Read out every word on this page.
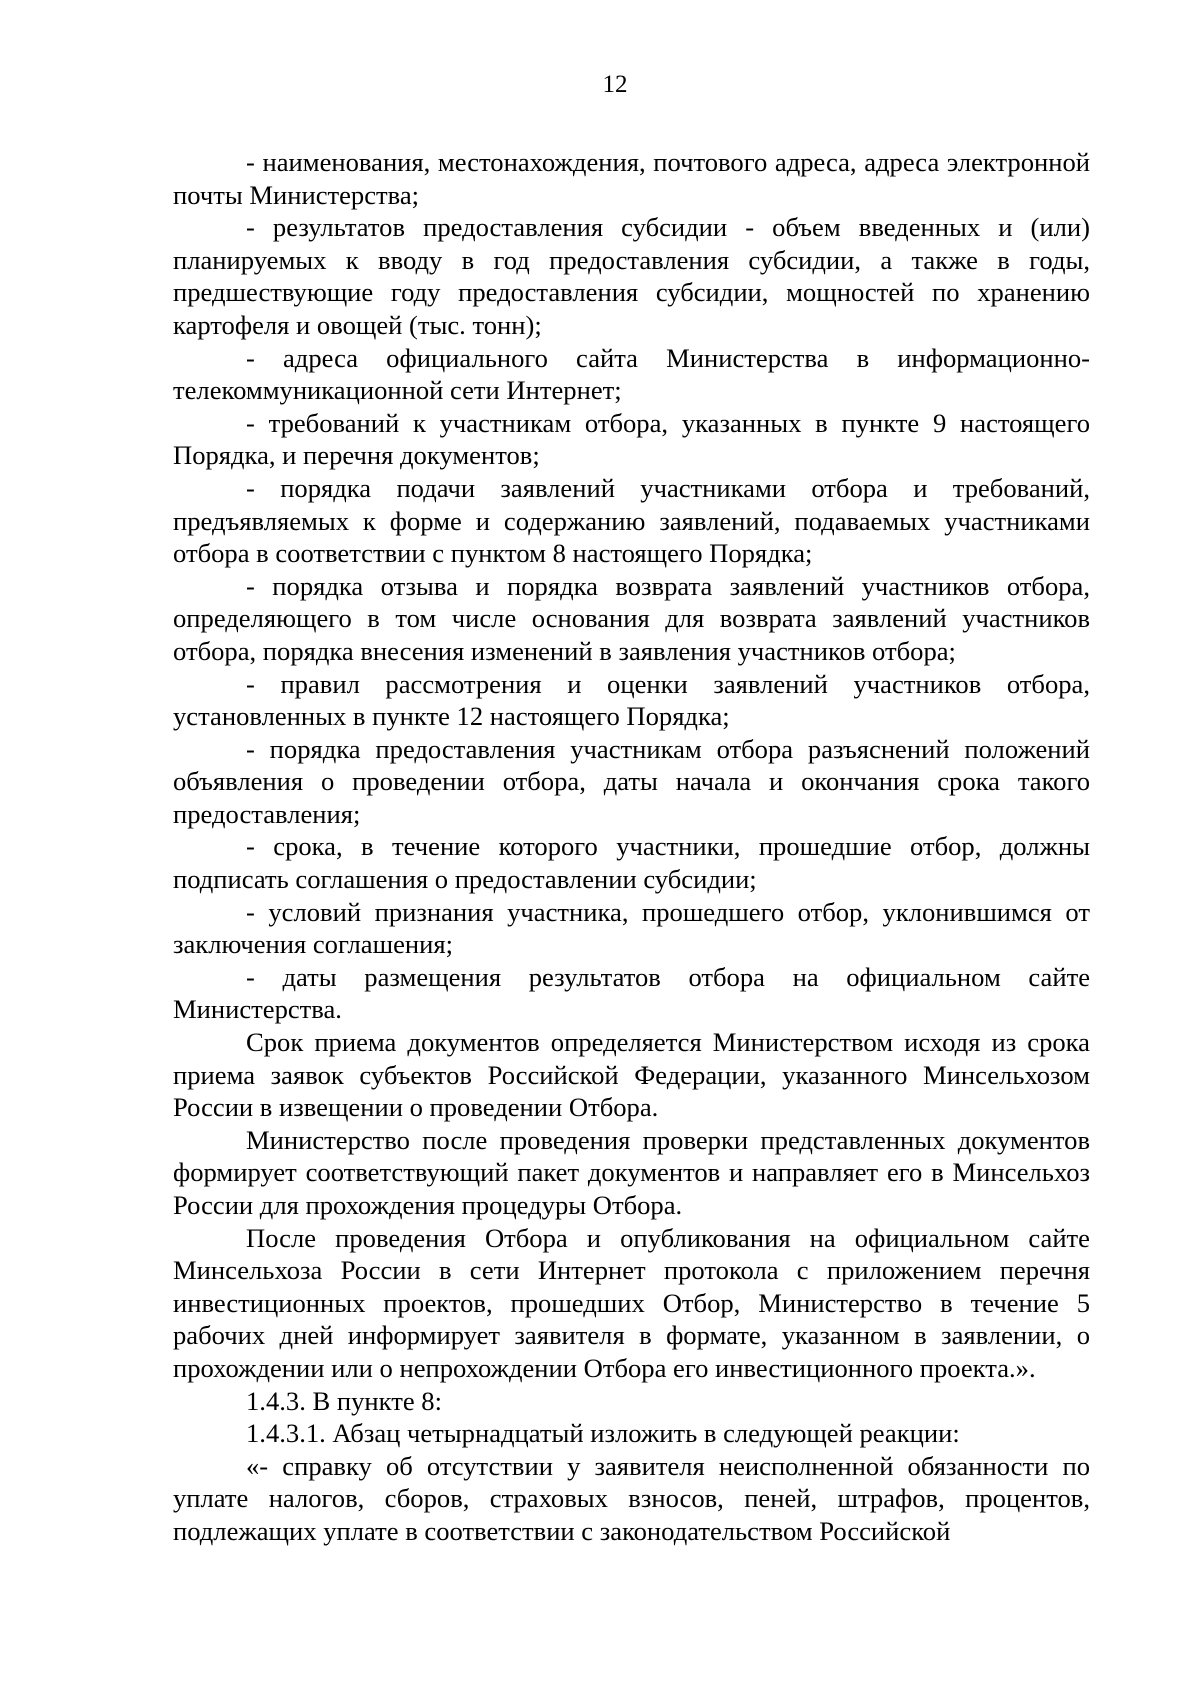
12

- наименования, местонахождения, почтового адреса, адреса электронной почты Министерства;

- результатов предоставления субсидии - объем введенных и (или) планируемых к вводу в год предоставления субсидии, а также в годы, предшествующие году предоставления субсидии, мощностей по хранению картофеля и овощей (тыс. тонн);

- адреса официального сайта Министерства в информационно-телекоммуникационной сети Интернет;

- требований к участникам отбора, указанных в пункте 9 настоящего Порядка, и перечня документов;

- порядка подачи заявлений участниками отбора и требований, предъявляемых к форме и содержанию заявлений, подаваемых участниками отбора в соответствии с пунктом 8 настоящего Порядка;

- порядка отзыва и порядка возврата заявлений участников отбора, определяющего в том числе основания для возврата заявлений участников отбора, порядка внесения изменений в заявления участников отбора;

- правил рассмотрения и оценки заявлений участников отбора, установленных в пункте 12 настоящего Порядка;

- порядка предоставления участникам отбора разъяснений положений объявления о проведении отбора, даты начала и окончания срока такого предоставления;

- срока, в течение которого участники, прошедшие отбор, должны подписать соглашения о предоставлении субсидии;

- условий признания участника, прошедшего отбор, уклонившимся от заключения соглашения;

- даты размещения результатов отбора на официальном сайте Министерства.

Срок приема документов определяется Министерством исходя из срока приема заявок субъектов Российской Федерации, указанного Минсельхозом России в извещении о проведении Отбора.

Министерство после проведения проверки представленных документов формирует соответствующий пакет документов и направляет его в Минсельхоз России для прохождения процедуры Отбора.

После проведения Отбора и опубликования на официальном сайте Минсельхоза России в сети Интернет протокола с приложением перечня инвестиционных проектов, прошедших Отбор, Министерство в течение 5 рабочих дней информирует заявителя в формате, указанном в заявлении, о прохождении или о непрохождении Отбора его инвестиционного проекта.».

1.4.3. В пункте 8:

1.4.3.1. Абзац четырнадцатый изложить в следующей реакции:

«- справку об отсутствии у заявителя неисполненной обязанности по уплате налогов, сборов, страховых взносов, пеней, штрафов, процентов, подлежащих уплате в соответствии с законодательством Российской
